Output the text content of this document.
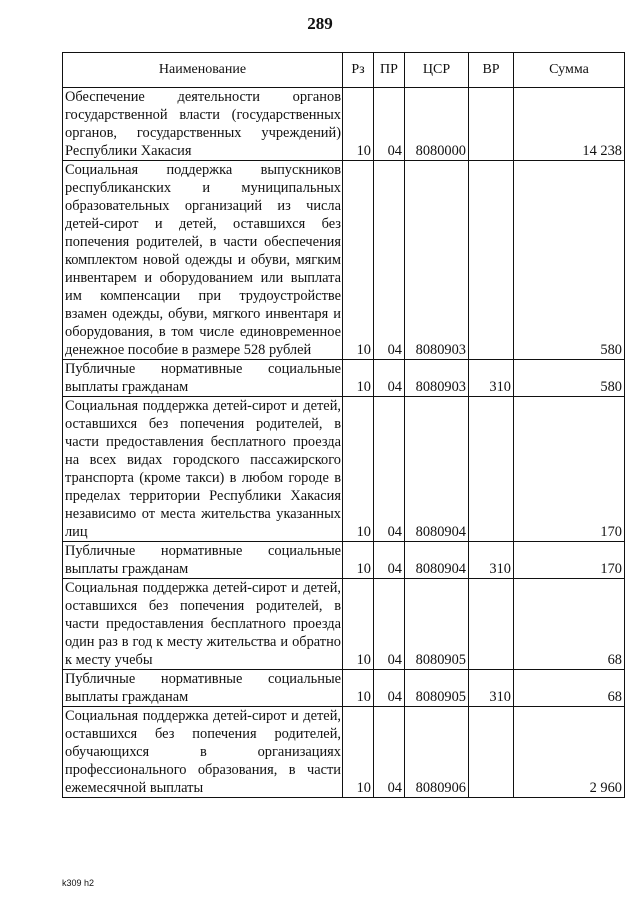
289
Наименование	Рз	ПР	ЦСР	ВР	Сумма
Обеспечение деятельности органов государственной власти (государственных органов, государственных учреждений) Республики Хакасия	10	04	8080000		14 238
Социальная поддержка выпускников республиканских и муниципальных образовательных организаций из числа детей-сирот и детей, оставшихся без попечения родителей, в части обеспечения комплектом новой одежды и обуви, мягким инвентарем и оборудованием или выплата им компенсации при трудоустройстве взамен одежды, обуви, мягкого инвентаря и оборудования, в том числе единовременное денежное пособие в размере 528 рублей	10	04	8080903		580
Публичные нормативные социальные выплаты гражданам	10	04	8080903	310	580
Социальная поддержка детей-сирот и детей, оставшихся без попечения родителей, в части предоставления бесплатного проезда на всех видах городского пассажирского транспорта (кроме такси) в любом городе в пределах территории Республики Хакасия независимо от места жительства указанных лиц	10	04	8080904		170
Публичные нормативные социальные выплаты гражданам	10	04	8080904	310	170
Социальная поддержка детей-сирот и детей, оставшихся без попечения родителей, в части предоставления бесплатного проезда один раз в год к месту жительства и обратно к месту учебы	10	04	8080905		68
Публичные нормативные социальные выплаты гражданам	10	04	8080905	310	68
Социальная поддержка детей-сирот и детей, оставшихся без попечения родителей, обучающихся в организациях профессионального образования, в части ежемесячной выплаты	10	04	8080906		2 960
k309 h2
